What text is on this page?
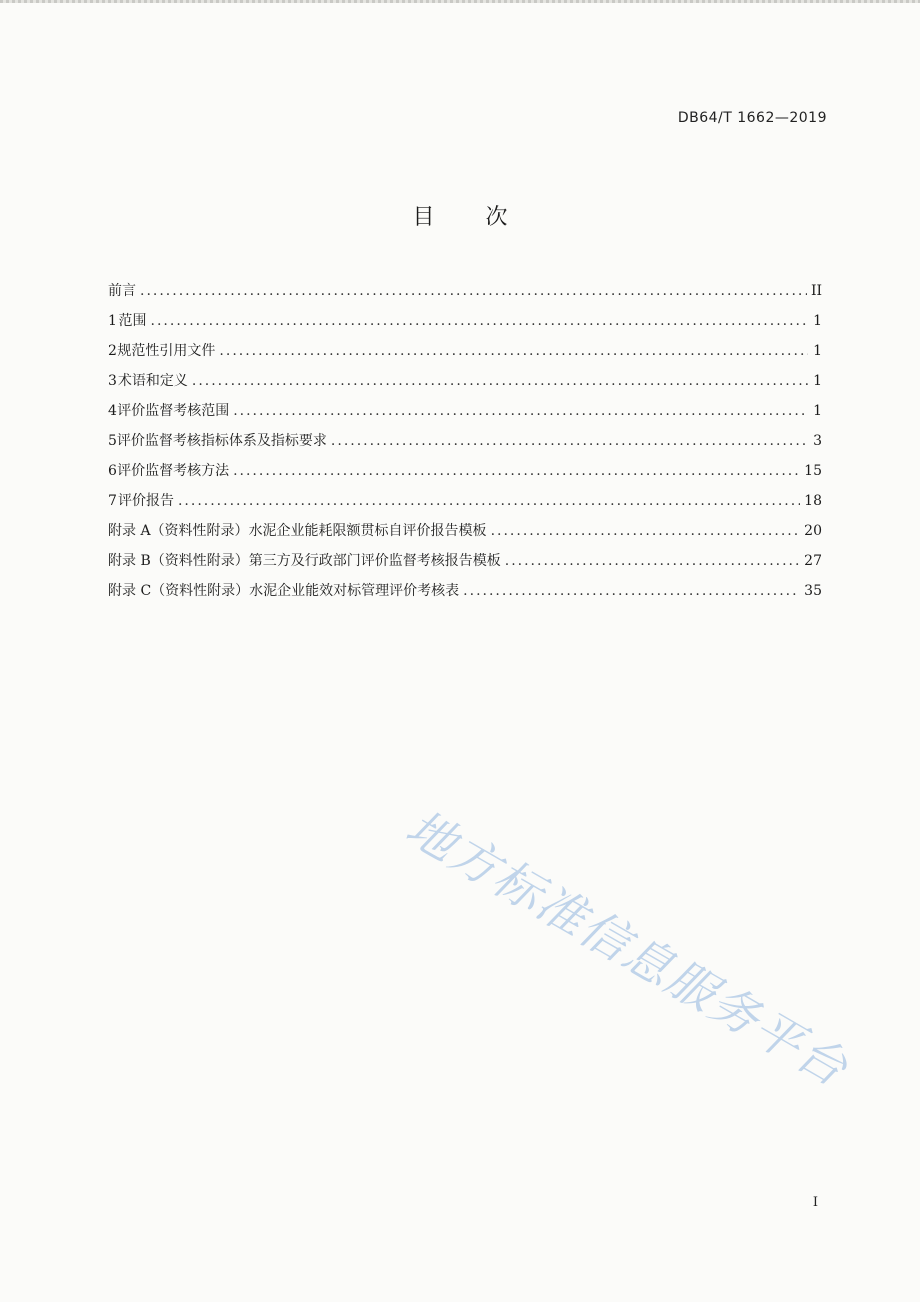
DB64/T 1662—2019
目 次
前言 .....	II
1 范围 .....	1
2 规范性引用文件 .....	1
3 术语和定义 .....	1
4 评价监督考核范围 .....	1
5 评价监督考核指标体系及指标要求 .....	3
6 评价监督考核方法 .....	15
7 评价报告 .....	18
附录 A（资料性附录） 水泥企业能耗限额贯标自评价报告模板 .....	20
附录 B（资料性附录） 第三方及行政部门评价监督考核报告模板 .....	27
附录 C（资料性附录） 水泥企业能效对标管理评价考核表 .....	35
地方标准信息服务平台
I
